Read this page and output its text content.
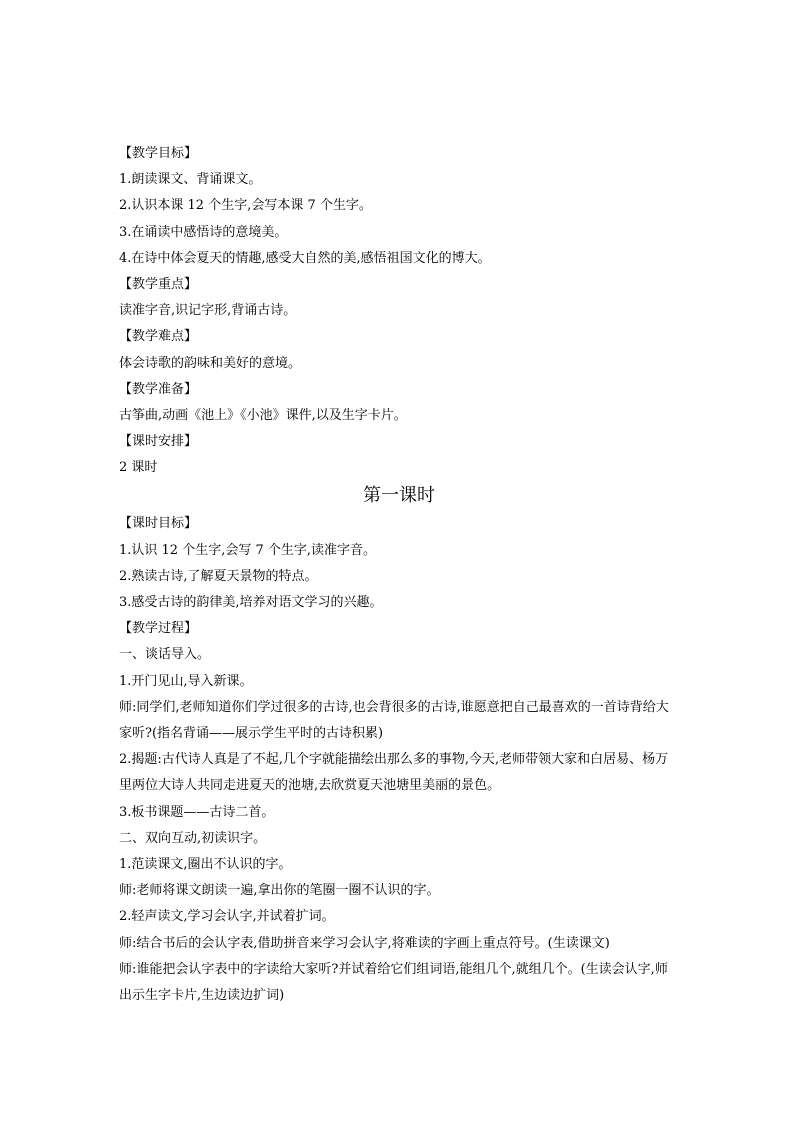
【教学目标】

1.朗读课文、背诵课文。

2.认识本课 12 个生字,会写本课 7 个生字。

3.在诵读中感悟诗的意境美。

4.在诗中体会夏天的情趣,感受大自然的美,感悟祖国文化的博大。

【教学重点】

读准字音,识记字形,背诵古诗。

【教学难点】

体会诗歌的韵味和美好的意境。

【教学准备】

古筝曲,动画《池上》《小池》课件,以及生字卡片。

【课时安排】

2 课时

第一课时

【课时目标】

1.认识 12 个生字,会写 7 个生字,读准字音。

2.熟读古诗,了解夏天景物的特点。

3.感受古诗的韵律美,培养对语文学习的兴趣。

【教学过程】

一、谈话导入。

1.开门见山,导入新课。

师:同学们,老师知道你们学过很多的古诗,也会背很多的古诗,谁愿意把自己最喜欢的一首诗背给大家听?(指名背诵——展示学生平时的古诗积累)

2.揭题:古代诗人真是了不起,几个字就能描绘出那么多的事物,今天,老师带领大家和白居易、杨万里两位大诗人共同走进夏天的池塘,去欣赏夏天池塘里美丽的景色。

3.板书课题——古诗二首。

二、双向互动,初读识字。

1.范读课文,圈出不认识的字。

师:老师将课文朗读一遍,拿出你的笔圈一圈不认识的字。

2.轻声读文,学习会认字,并试着扩词。

师:结合书后的会认字表,借助拼音来学习会认字,将难读的字画上重点符号。(生读课文)

师:谁能把会认字表中的字读给大家听?并试着给它们组词语,能组几个,就组几个。(生读会认字,师出示生字卡片,生边读边扩词)
